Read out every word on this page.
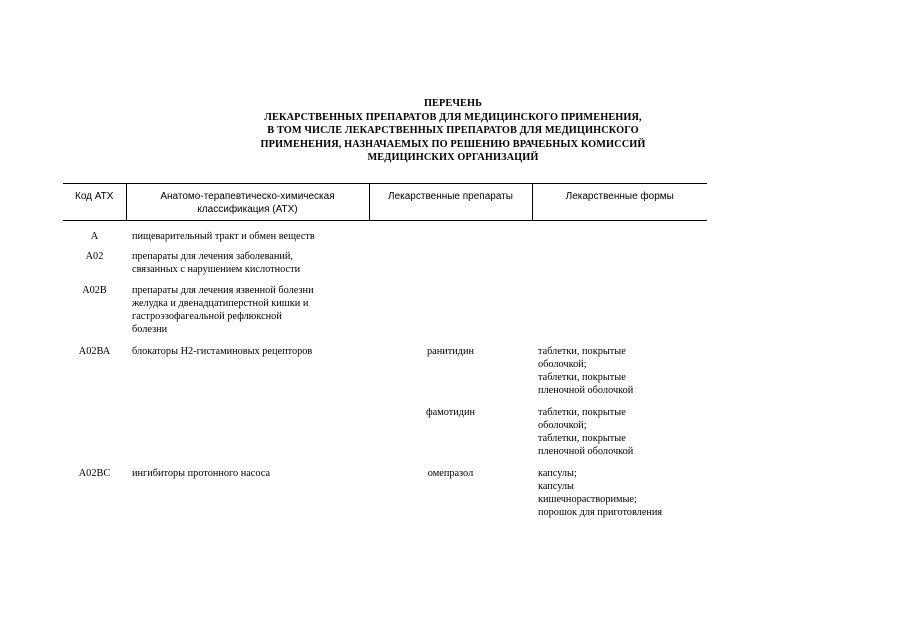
ПЕРЕЧЕНЬ
ЛЕКАРСТВЕННЫХ ПРЕПАРАТОВ ДЛЯ МЕДИЦИНСКОГО ПРИМЕНЕНИЯ,
В ТОМ ЧИСЛЕ ЛЕКАРСТВЕННЫХ ПРЕПАРАТОВ ДЛЯ МЕДИЦИНСКОГО
ПРИМЕНЕНИЯ, НАЗНАЧАЕМЫХ ПО РЕШЕНИЮ ВРАЧЕБНЫХ КОМИССИЙ
МЕДИЦИНСКИХ ОРГАНИЗАЦИЙ
Код АТХ	Анатомо-терапевтическо-химическая классификация (АТХ)	Лекарственные препараты	Лекарственные формы
А	пищеварительный тракт и обмен веществ		
А02	препараты для лечения заболеваний,
связанных с нарушением кислотности		
А02В	препараты для лечения язвенной болезни
желудка и двенадцатиперстной кишки и
гастроэзофагеальной рефлюксной
болезни		
А02ВА	блокаторы Н2-гистаминовых рецепторов	ранитидин	таблетки, покрытые
оболочкой;
таблетки, покрытые
пленочной оболочкой
		фамотидин	таблетки, покрытые
оболочкой;
таблетки, покрытые
пленочной оболочкой
А02ВС	ингибиторы протонного насоса	омепразол	капсулы;
капсулы
кишечнорастворимые;
порошок для приготовления
